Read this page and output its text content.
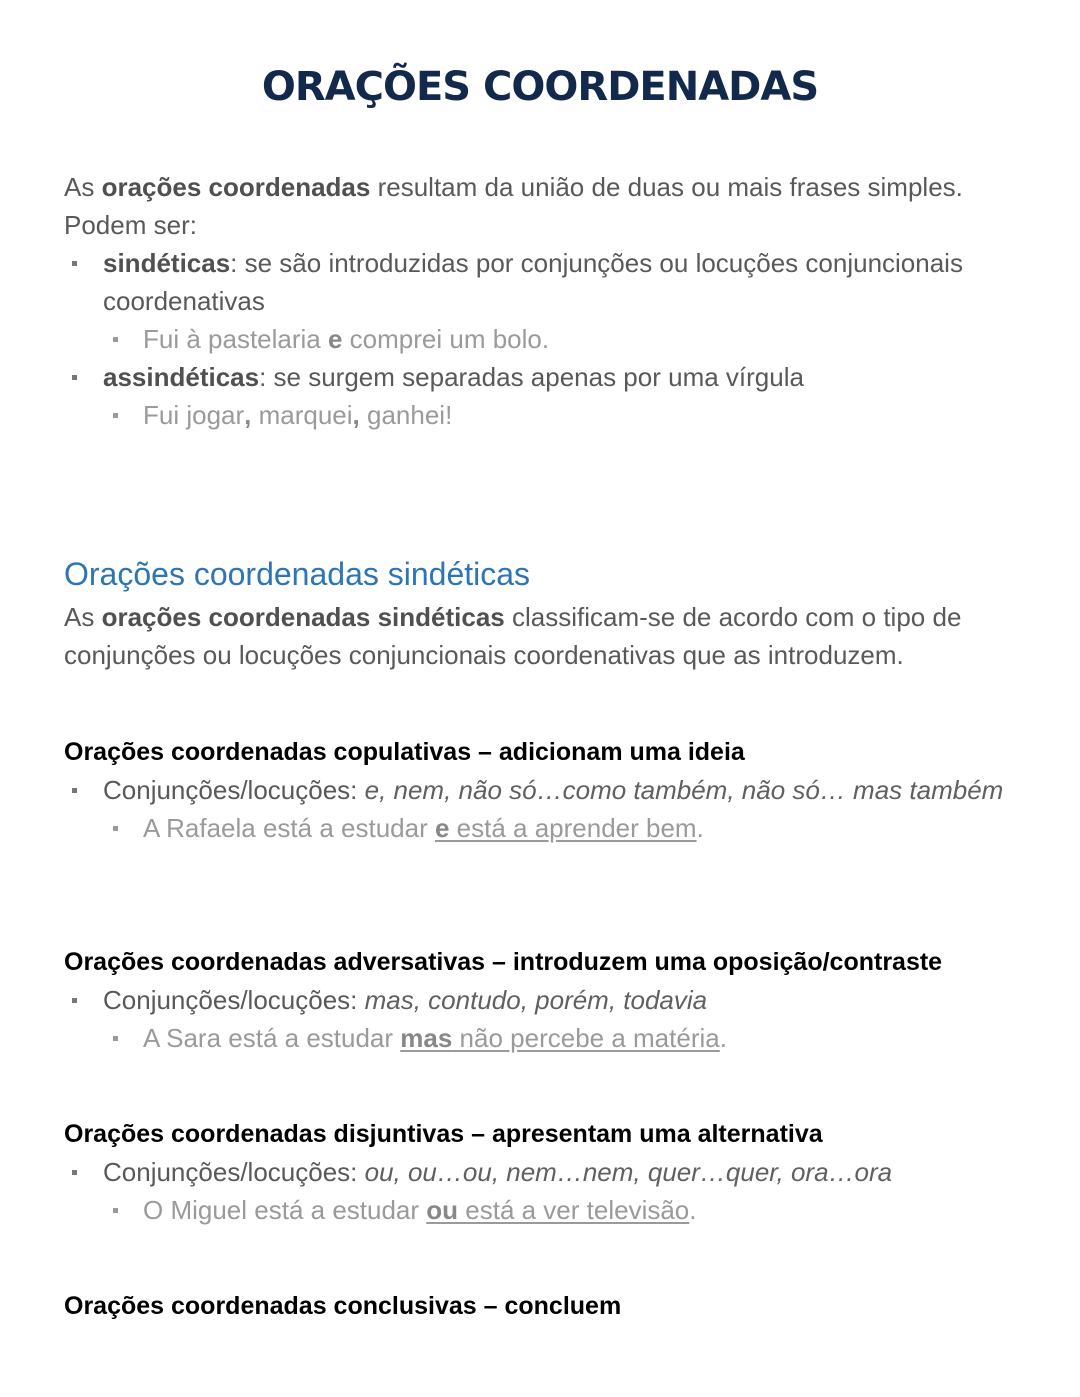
ORAÇÕES COORDENADAS
As orações coordenadas resultam da união de duas ou mais frases simples. Podem ser:
sindéticas: se são introduzidas por conjunções ou locuções conjuncionais coordenativas
Fui à pastelaria e comprei um bolo.
assindéticas: se surgem separadas apenas por uma vírgula
Fui jogar, marquei, ganhei!
Orações coordenadas sindéticas
As orações coordenadas sindéticas classificam-se de acordo com o tipo de conjunções ou locuções conjuncionais coordenativas que as introduzem.
Orações coordenadas copulativas – adicionam uma ideia
Conjunções/locuções: e, nem, não só…como também, não só… mas também
A Rafaela está a estudar e está a aprender bem.
Orações coordenadas adversativas – introduzem uma oposição/contraste
Conjunções/locuções: mas, contudo, porém, todavia
A Sara está a estudar mas não percebe a matéria.
Orações coordenadas disjuntivas – apresentam uma alternativa
Conjunções/locuções: ou, ou…ou, nem…nem, quer…quer, ora…ora
O Miguel está a estudar ou está a ver televisão.
Orações coordenadas conclusivas – concluem
